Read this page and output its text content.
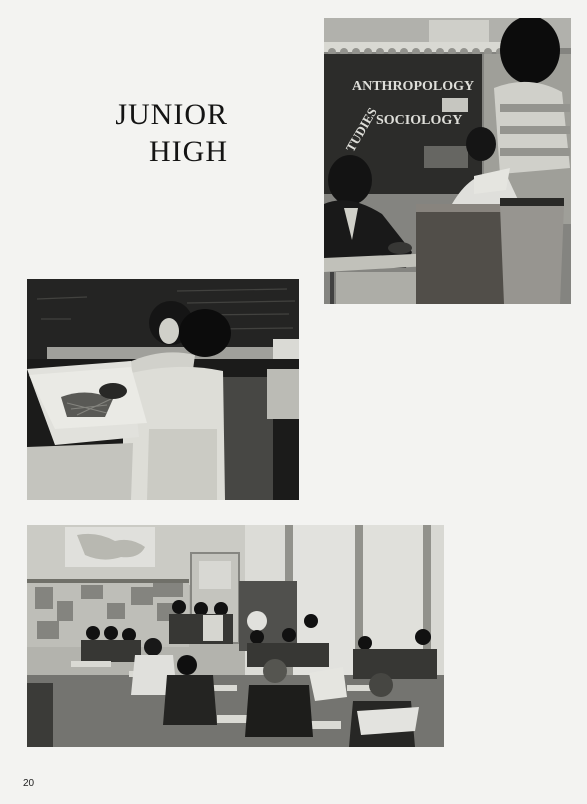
JUNIOR
HIGH
ANTHROPOLOGY
SOCIOLOGY
TUDIES
20
